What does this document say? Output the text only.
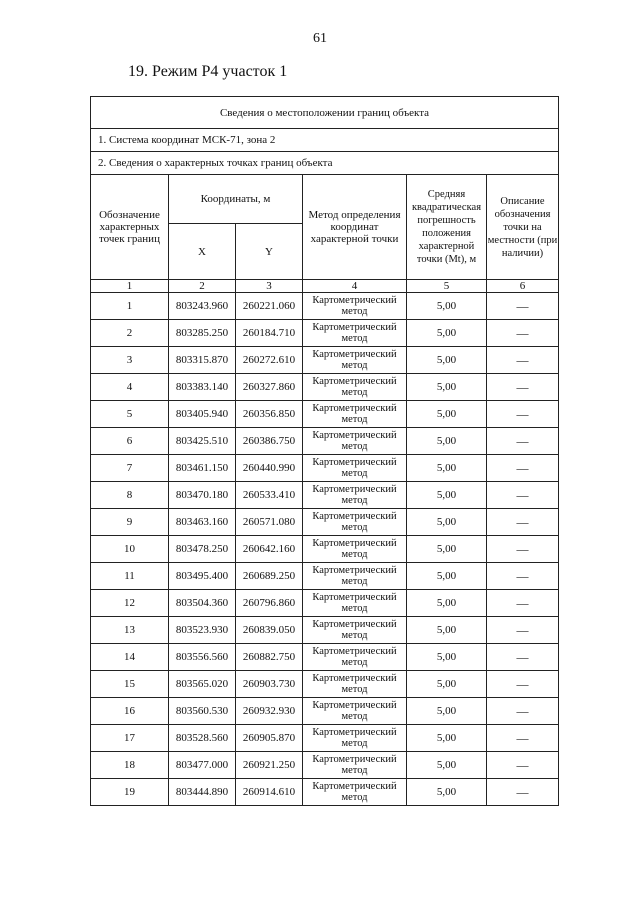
61
19. Режим Р4 участок 1
Сведения о местоположении границ объекта					
1. Система координат МСК-71, зона 2					
2. Сведения о характерных точках границ объекта					
Обозначение характерных точек границ	Координаты, м		Метод определения координат характерной точки	Средняя квадратическая погрешность положения характерной точки (Mt), м	Описание обозначения точки на местности (при наличии)
	X	Y			
1	2	3	4	5	6
1	803243.960	260221.060	Картометрический метод	5,00	—
2	803285.250	260184.710	Картометрический метод	5,00	—
3	803315.870	260272.610	Картометрический метод	5,00	—
4	803383.140	260327.860	Картометрический метод	5,00	—
5	803405.940	260356.850	Картометрический метод	5,00	—
6	803425.510	260386.750	Картометрический метод	5,00	—
7	803461.150	260440.990	Картометрический метод	5,00	—
8	803470.180	260533.410	Картометрический метод	5,00	—
9	803463.160	260571.080	Картометрический метод	5,00	—
10	803478.250	260642.160	Картометрический метод	5,00	—
11	803495.400	260689.250	Картометрический метод	5,00	—
12	803504.360	260796.860	Картометрический метод	5,00	—
13	803523.930	260839.050	Картометрический метод	5,00	—
14	803556.560	260882.750	Картометрический метод	5,00	—
15	803565.020	260903.730	Картометрический метод	5,00	—
16	803560.530	260932.930	Картометрический метод	5,00	—
17	803528.560	260905.870	Картометрический метод	5,00	—
18	803477.000	260921.250	Картометрический метод	5,00	—
19	803444.890	260914.610	Картометрический метод	5,00	—
